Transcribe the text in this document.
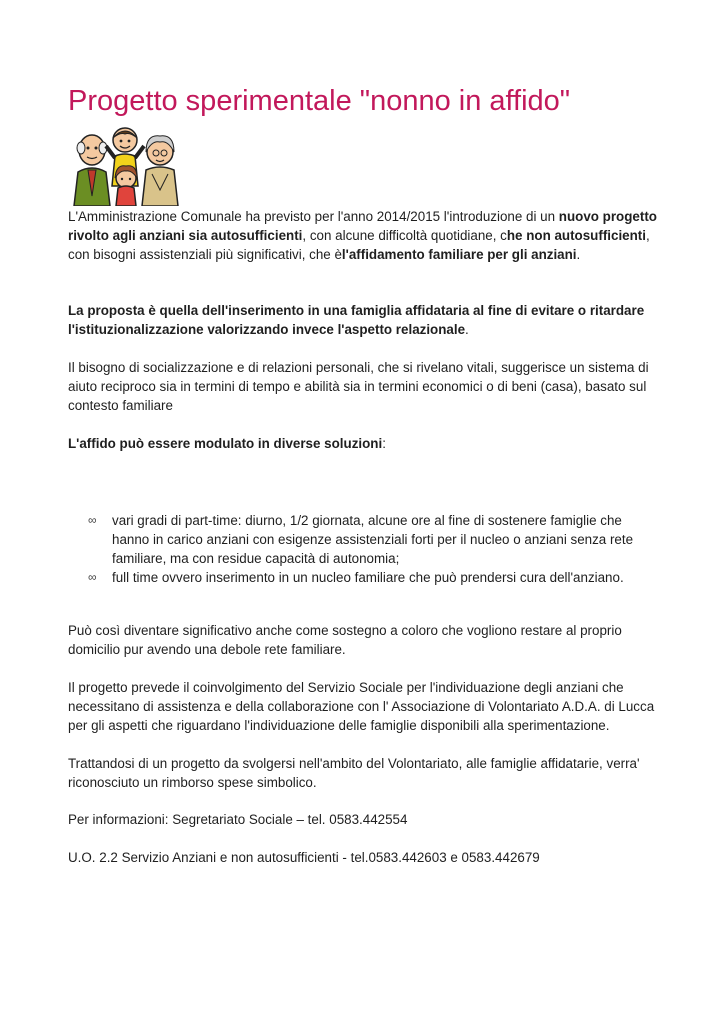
Progetto sperimentale "nonno in affido"

L'Amministrazione Comunale ha previsto per l'anno 2014/2015 l'introduzione di un nuovo progetto rivolto agli anziani sia autosufficienti, con alcune difficoltà quotidiane, che non autosufficienti, con bisogni assistenziali più significativi, che èl'affidamento familiare per gli anziani.

La proposta è quella dell'inserimento in una famiglia affidataria al fine di evitare o ritardare l'istituzionalizzazione valorizzando invece l'aspetto relazionale.

Il bisogno di socializzazione e di relazioni personali, che si rivelano vitali, suggerisce un sistema di aiuto reciproco sia in termini di tempo e abilità sia in termini economici o di beni (casa), basato sul contesto familiare

L'affido può essere modulato in diverse soluzioni:

∞ vari gradi di part-time: diurno, 1/2 giornata, alcune ore al fine di sostenere famiglie che hanno in carico anziani con esigenze assistenziali forti per il nucleo o anziani senza rete familiare, ma con residue capacità di autonomia;
∞ full time ovvero inserimento in un nucleo familiare che può prendersi cura dell'anziano.

Può così diventare significativo anche come sostegno a coloro che vogliono restare al proprio domicilio pur avendo una debole rete familiare.

Il progetto prevede il coinvolgimento del Servizio Sociale per l'individuazione degli anziani che necessitano di assistenza e della collaborazione con l' Associazione di Volontariato A.D.A. di Lucca per gli aspetti che riguardano l'individuazione delle famiglie disponibili alla sperimentazione.

Trattandosi di un progetto da svolgersi nell'ambito del Volontariato, alle famiglie affidatarie, verra' riconosciuto un rimborso spese simbolico.

Per informazioni: Segretariato Sociale – tel. 0583.442554

U.O. 2.2 Servizio Anziani e non autosufficienti - tel.0583.442603 e 0583.442679
